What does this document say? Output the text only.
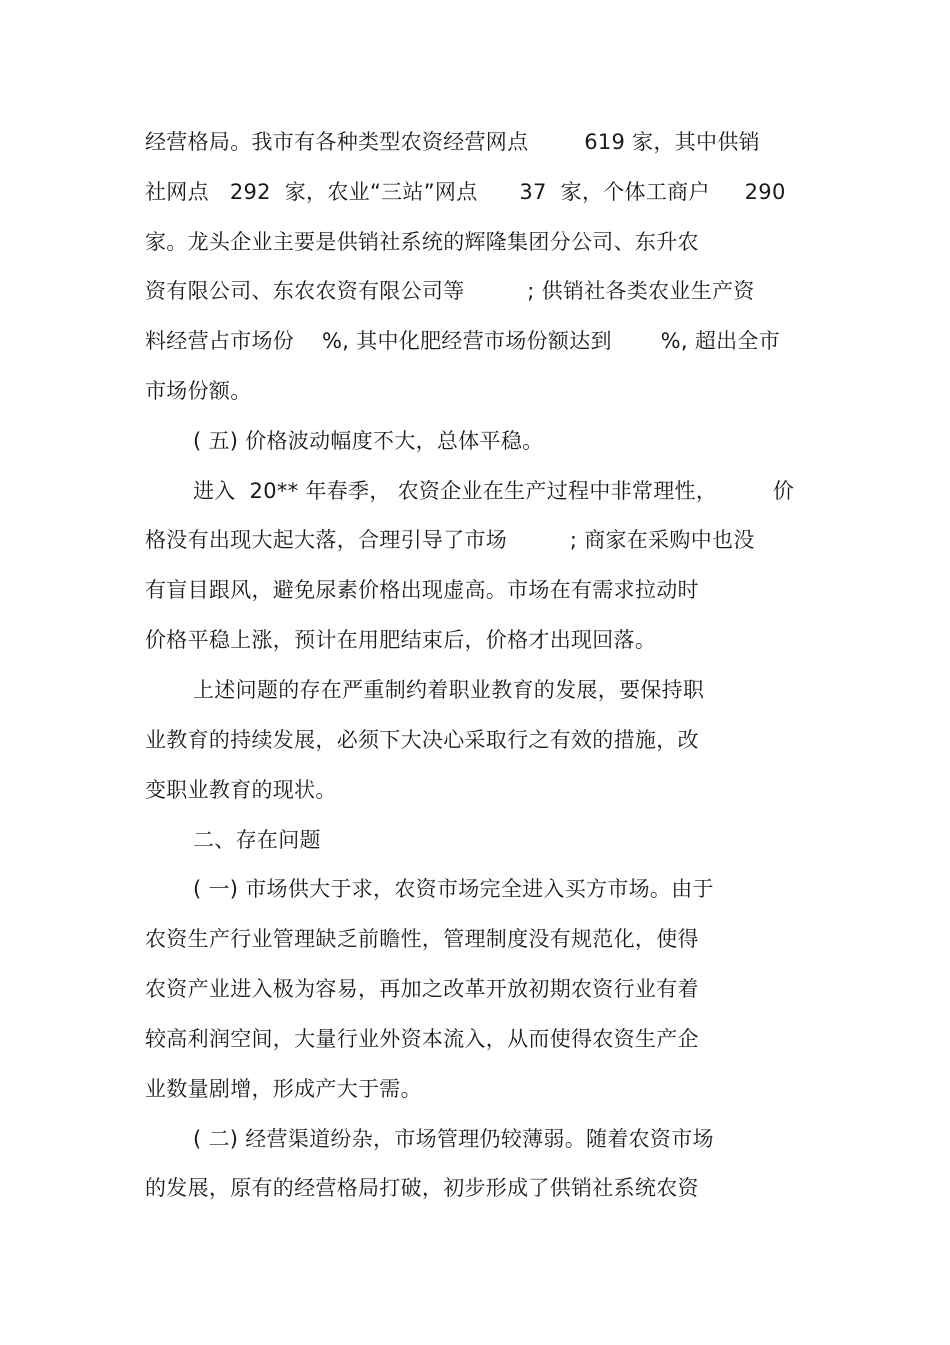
经营格局。我市有各种类型农资经营网点        619 家，其中供销
社网点   292  家，农业“三站”网点      37  家，个体工商户     290
家。龙头企业主要是供销社系统的辉隆集团分公司、东升农
资有限公司、东农农资有限公司等         ; 供销社各类农业生产资
料经营占市场份    %, 其中化肥经营市场份额达到       %, 超出全市
市场份额。
( 五) 价格波动幅度不大，总体平稳。
进入  20** 年春季， 农资企业在生产过程中非常理性，        价
格没有出现大起大落，合理引导了市场         ; 商家在采购中也没
有盲目跟风，避免尿素价格出现虚高。市场在有需求拉动时
价格平稳上涨，预计在用肥结束后，价格才出现回落。
上述问题的存在严重制约着职业教育的发展，要保持职
业教育的持续发展，必须下大决心采取行之有效的措施，改
变职业教育的现状。
二、存在问题
( 一) 市场供大于求，农资市场完全进入买方市场。由于
农资生产行业管理缺乏前瞻性，管理制度没有规范化，使得
农资产业进入极为容易，再加之改革开放初期农资行业有着
较高利润空间，大量行业外资本流入，从而使得农资生产企
业数量剧增，形成产大于需。
( 二) 经营渠道纷杂，市场管理仍较薄弱。随着农资市场
的发展，原有的经营格局打破，初步形成了供销社系统农资
